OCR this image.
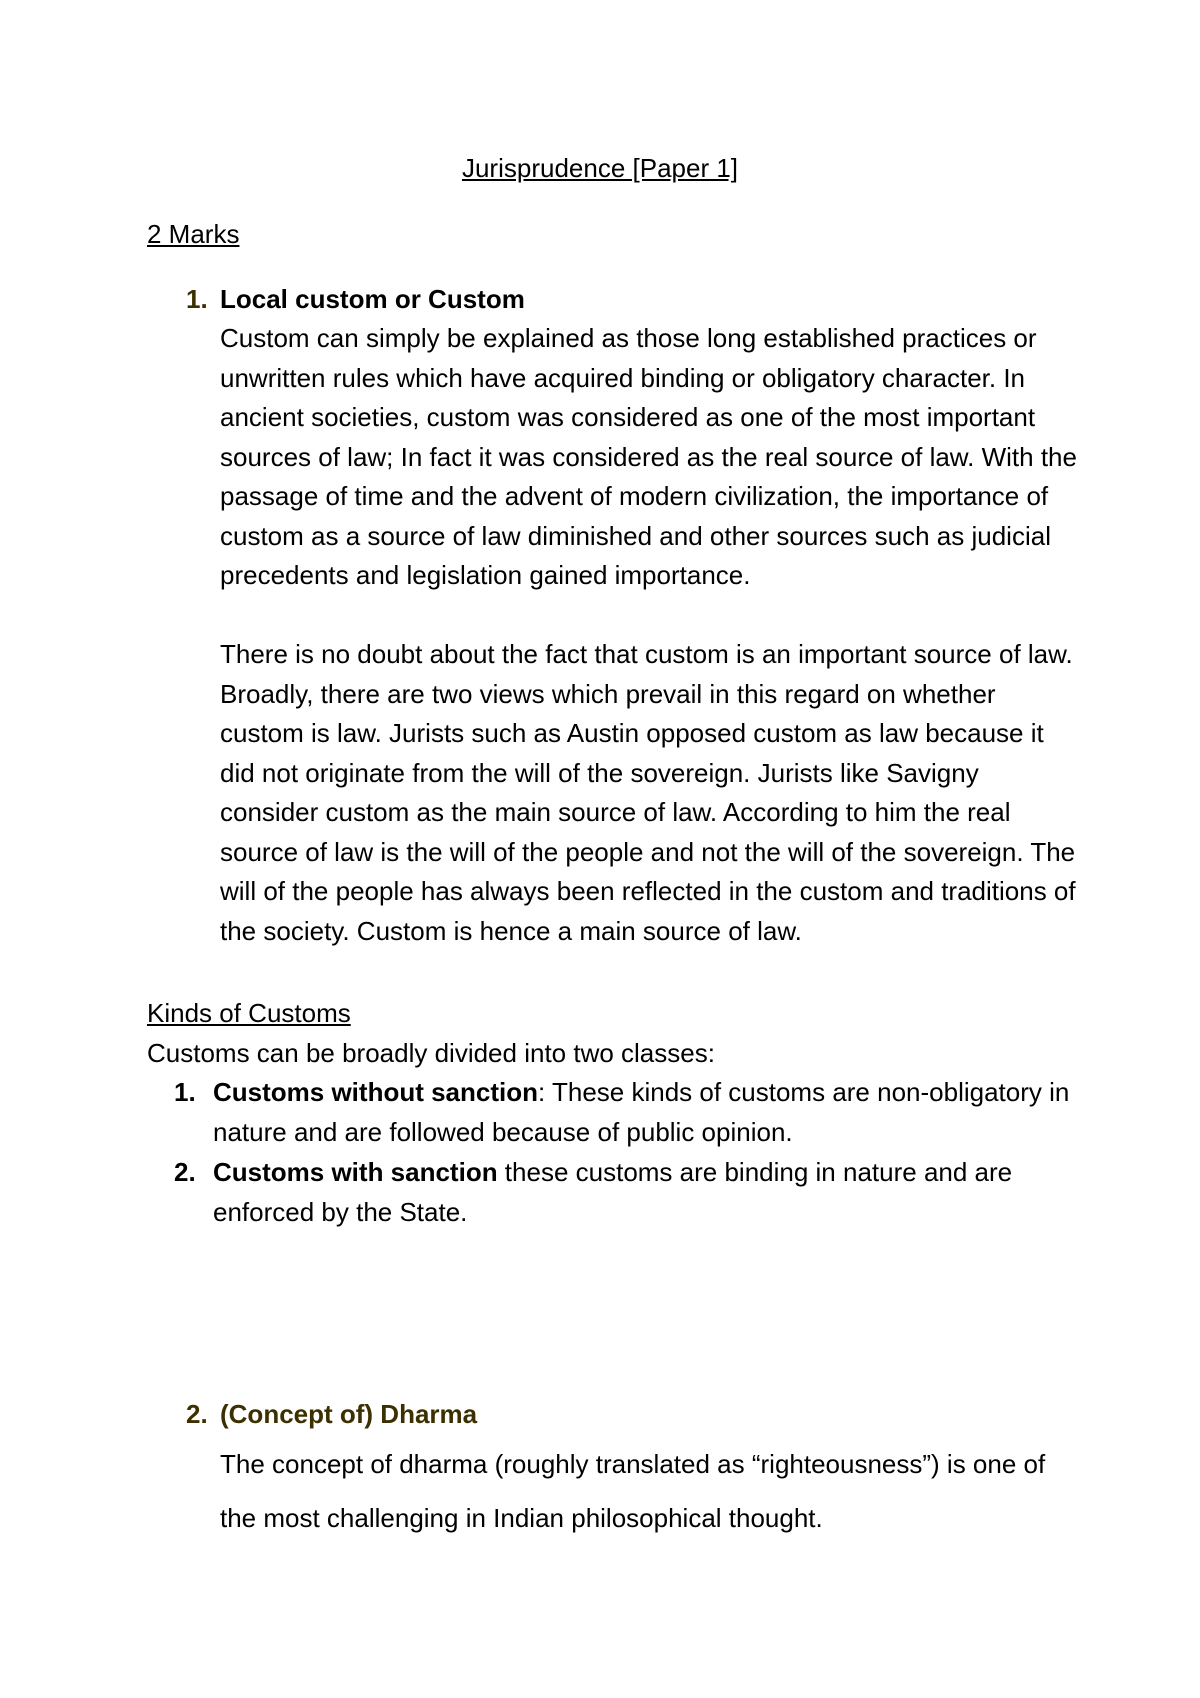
Jurisprudence [Paper 1]
2 Marks
1. Local custom or Custom
Custom can simply be explained as those long established practices or unwritten rules which have acquired binding or obligatory character. In ancient societies, custom was considered as one of the most important sources of law; In fact it was considered as the real source of law. With the passage of time and the advent of modern civilization, the importance of custom as a source of law diminished and other sources such as judicial precedents and legislation gained importance.
There is no doubt about the fact that custom is an important source of law. Broadly, there are two views which prevail in this regard on whether custom is law. Jurists such as Austin opposed custom as law because it did not originate from the will of the sovereign. Jurists like Savigny consider custom as the main source of law. According to him the real source of law is the will of the people and not the will of the sovereign. The will of the people has always been reflected in the custom and traditions of the society. Custom is hence a main source of law.
Kinds of Customs
Customs can be broadly divided into two classes:
1. Customs without sanction: These kinds of customs are non-obligatory in nature and are followed because of public opinion.
2. Customs with sanction these customs are binding in nature and are enforced by the State.
2. (Concept of) Dharma
The concept of dharma (roughly translated as “righteousness”) is one of the most challenging in Indian philosophical thought.
